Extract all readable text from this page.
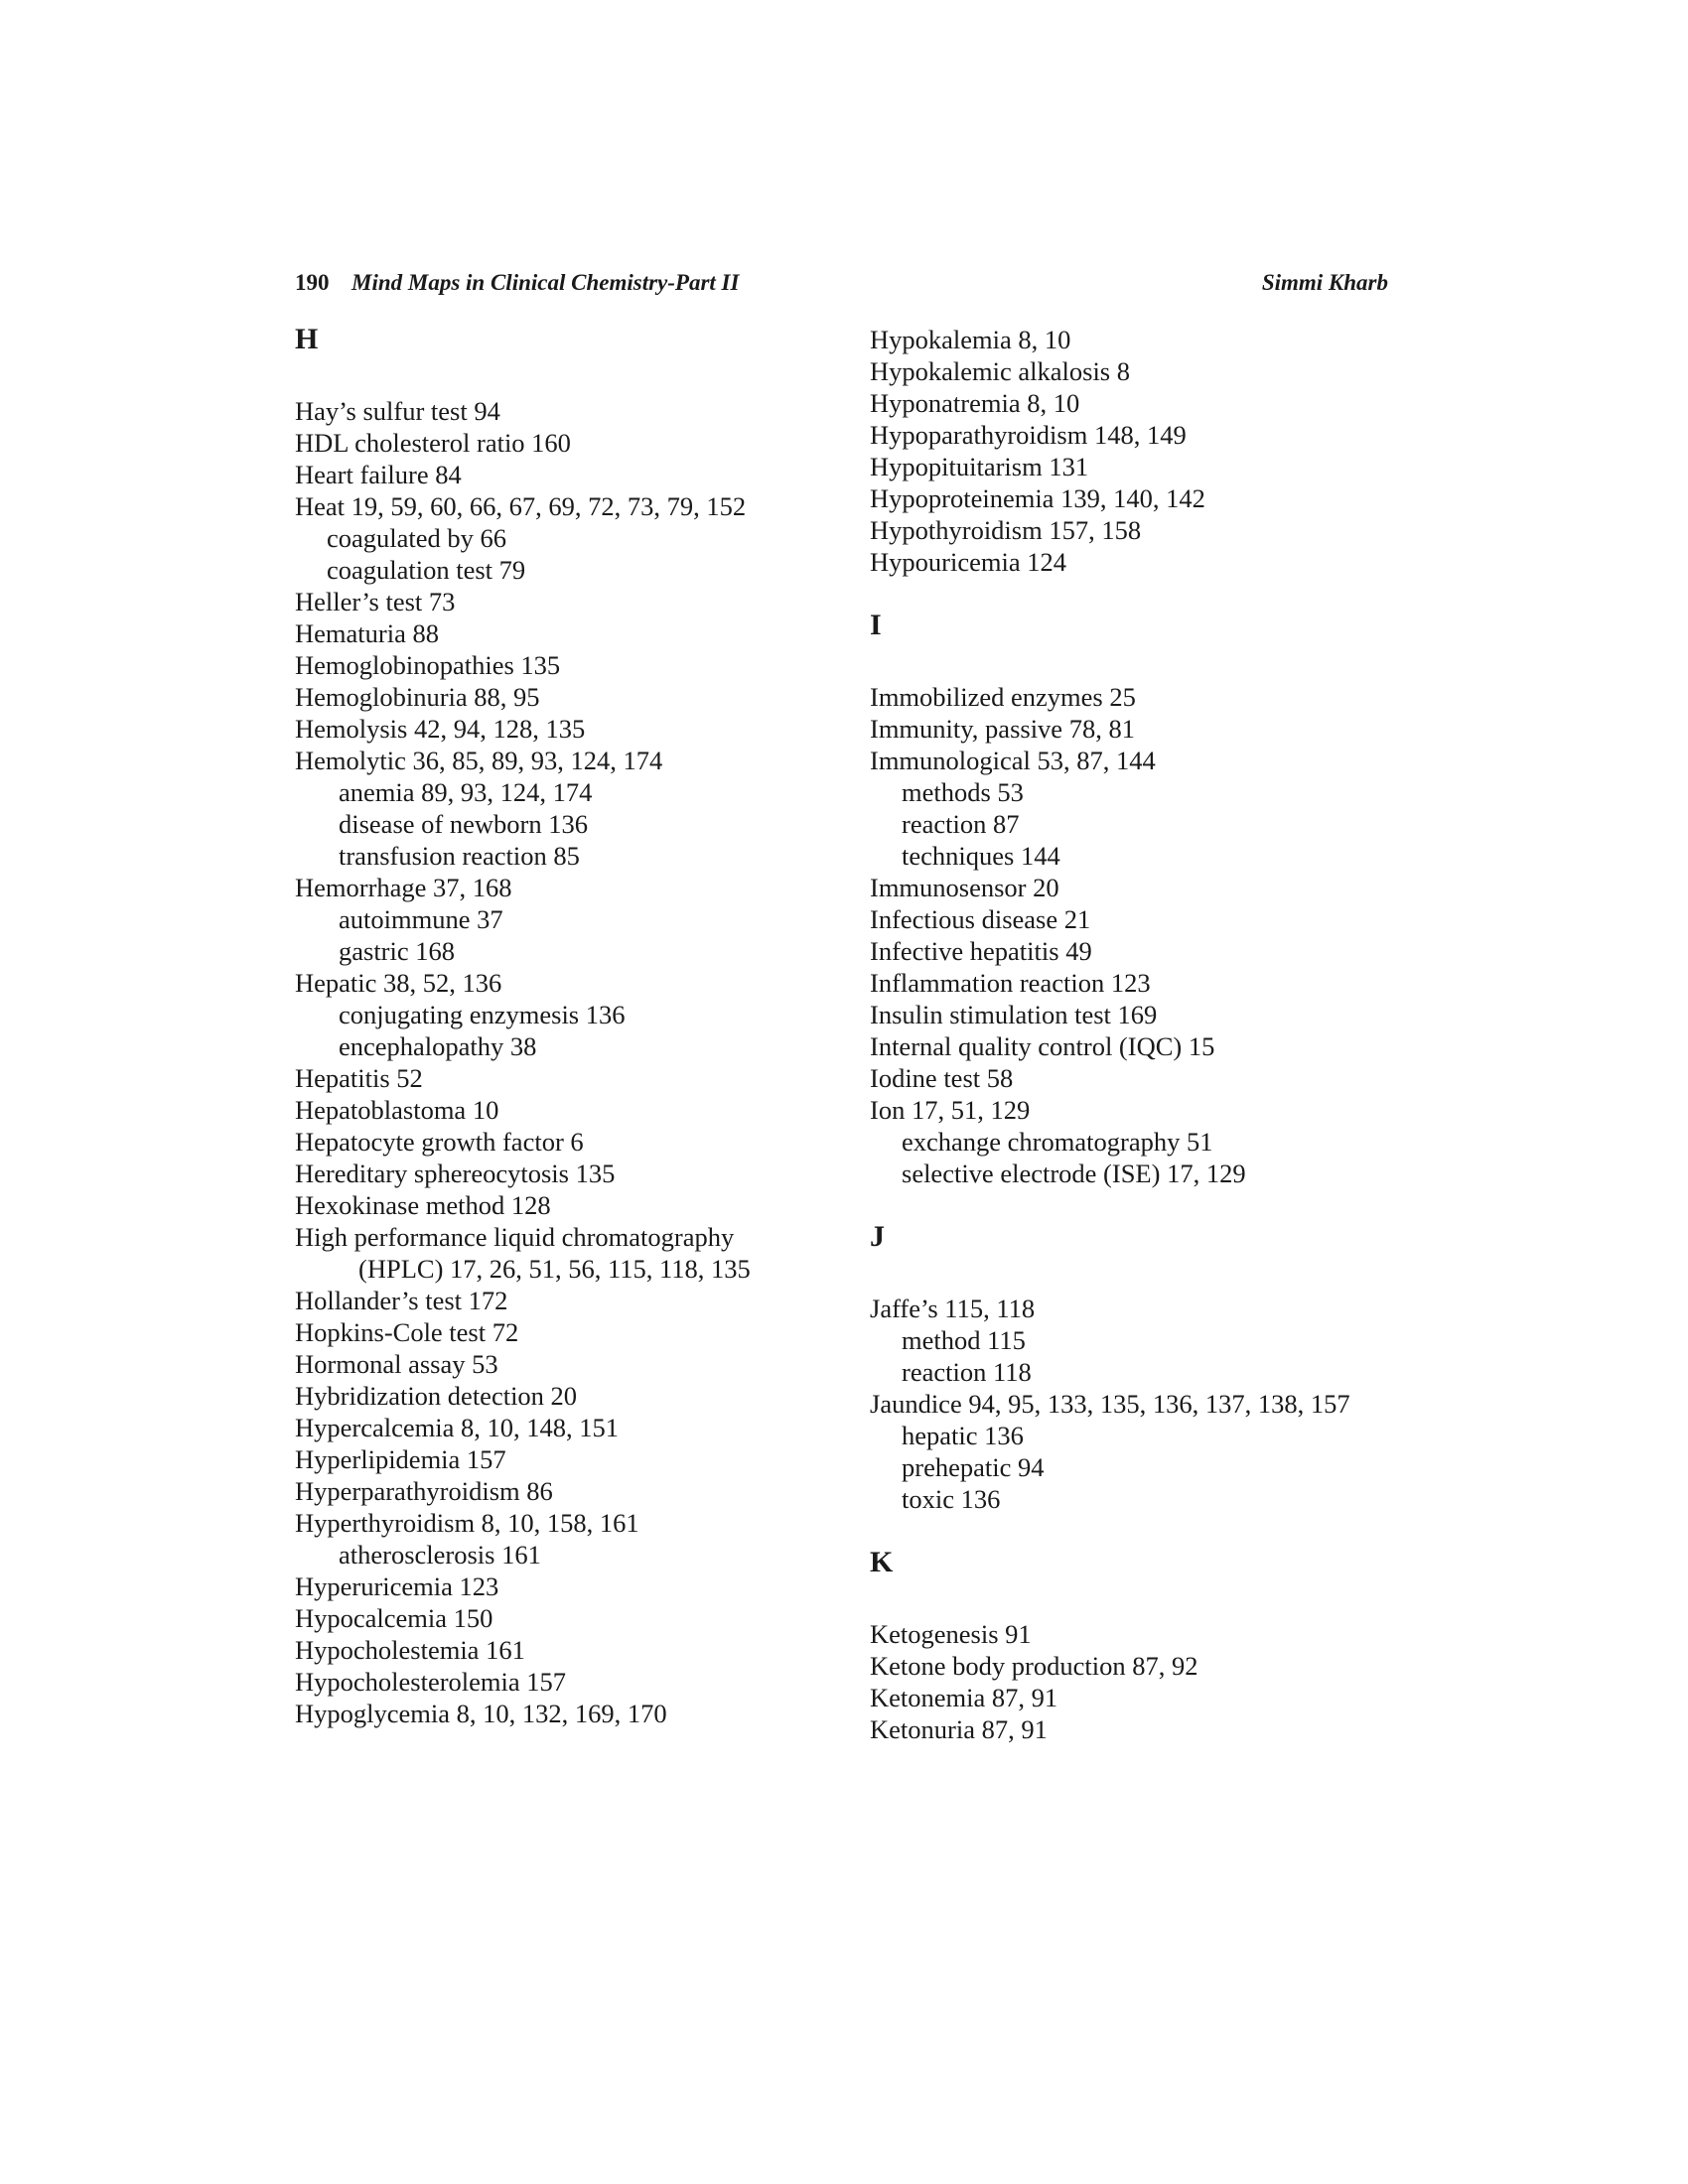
190 Mind Maps in Clinical Chemistry-Part II	Simmi Kharb
H
Hay’s sulfur test 94
HDL cholesterol ratio 160
Heart failure 84
Heat 19, 59, 60, 66, 67, 69, 72, 73, 79, 152
coagulated by 66
coagulation test 79
Heller’s test 73
Hematuria 88
Hemoglobinopathies 135
Hemoglobinuria 88, 95
Hemolysis 42, 94, 128, 135
Hemolytic 36, 85, 89, 93, 124, 174
anemia 89, 93, 124, 174
disease of newborn 136
transfusion reaction 85
Hemorrhage 37, 168
autoimmune 37
gastric 168
Hepatic 38, 52, 136
conjugating enzymesis 136
encephalopathy 38
Hepatitis 52
Hepatoblastoma 10
Hepatocyte growth factor 6
Hereditary sphereocytosis 135
Hexokinase method 128
High performance liquid chromatography
(HPLC) 17, 26, 51, 56, 115, 118, 135
Hollander’s test 172
Hopkins-Cole test 72
Hormonal assay 53
Hybridization detection 20
Hypercalcemia 8, 10, 148, 151
Hyperlipidemia 157
Hyperparathyroidism 86
Hyperthyroidism 8, 10, 158, 161
atherosclerosis 161
Hyperuricemia 123
Hypocalcemia 150
Hypocholestemia 161
Hypocholesterolemia 157
Hypoglycemia 8, 10, 132, 169, 170
Hypokalemia 8, 10
Hypokalemic alkalosis 8
Hyponatremia 8, 10
Hypoparathyroidism 148, 149
Hypopituitarism 131
Hypoproteinemia 139, 140, 142
Hypothyroidism 157, 158
Hypouricemia 124
I
Immobilized enzymes 25
Immunity, passive 78, 81
Immunological 53, 87, 144
methods 53
reaction 87
techniques 144
Immunosensor 20
Infectious disease 21
Infective hepatitis 49
Inflammation reaction 123
Insulin stimulation test 169
Internal quality control (IQC) 15
Iodine test 58
Ion 17, 51, 129
exchange chromatography 51
selective electrode (ISE) 17, 129
J
Jaffe’s 115, 118
method 115
reaction 118
Jaundice 94, 95, 133, 135, 136, 137, 138, 157
hepatic 136
prehepatic 94
toxic 136
K
Ketogenesis 91
Ketone body production 87, 92
Ketonemia 87, 91
Ketonuria 87, 91
